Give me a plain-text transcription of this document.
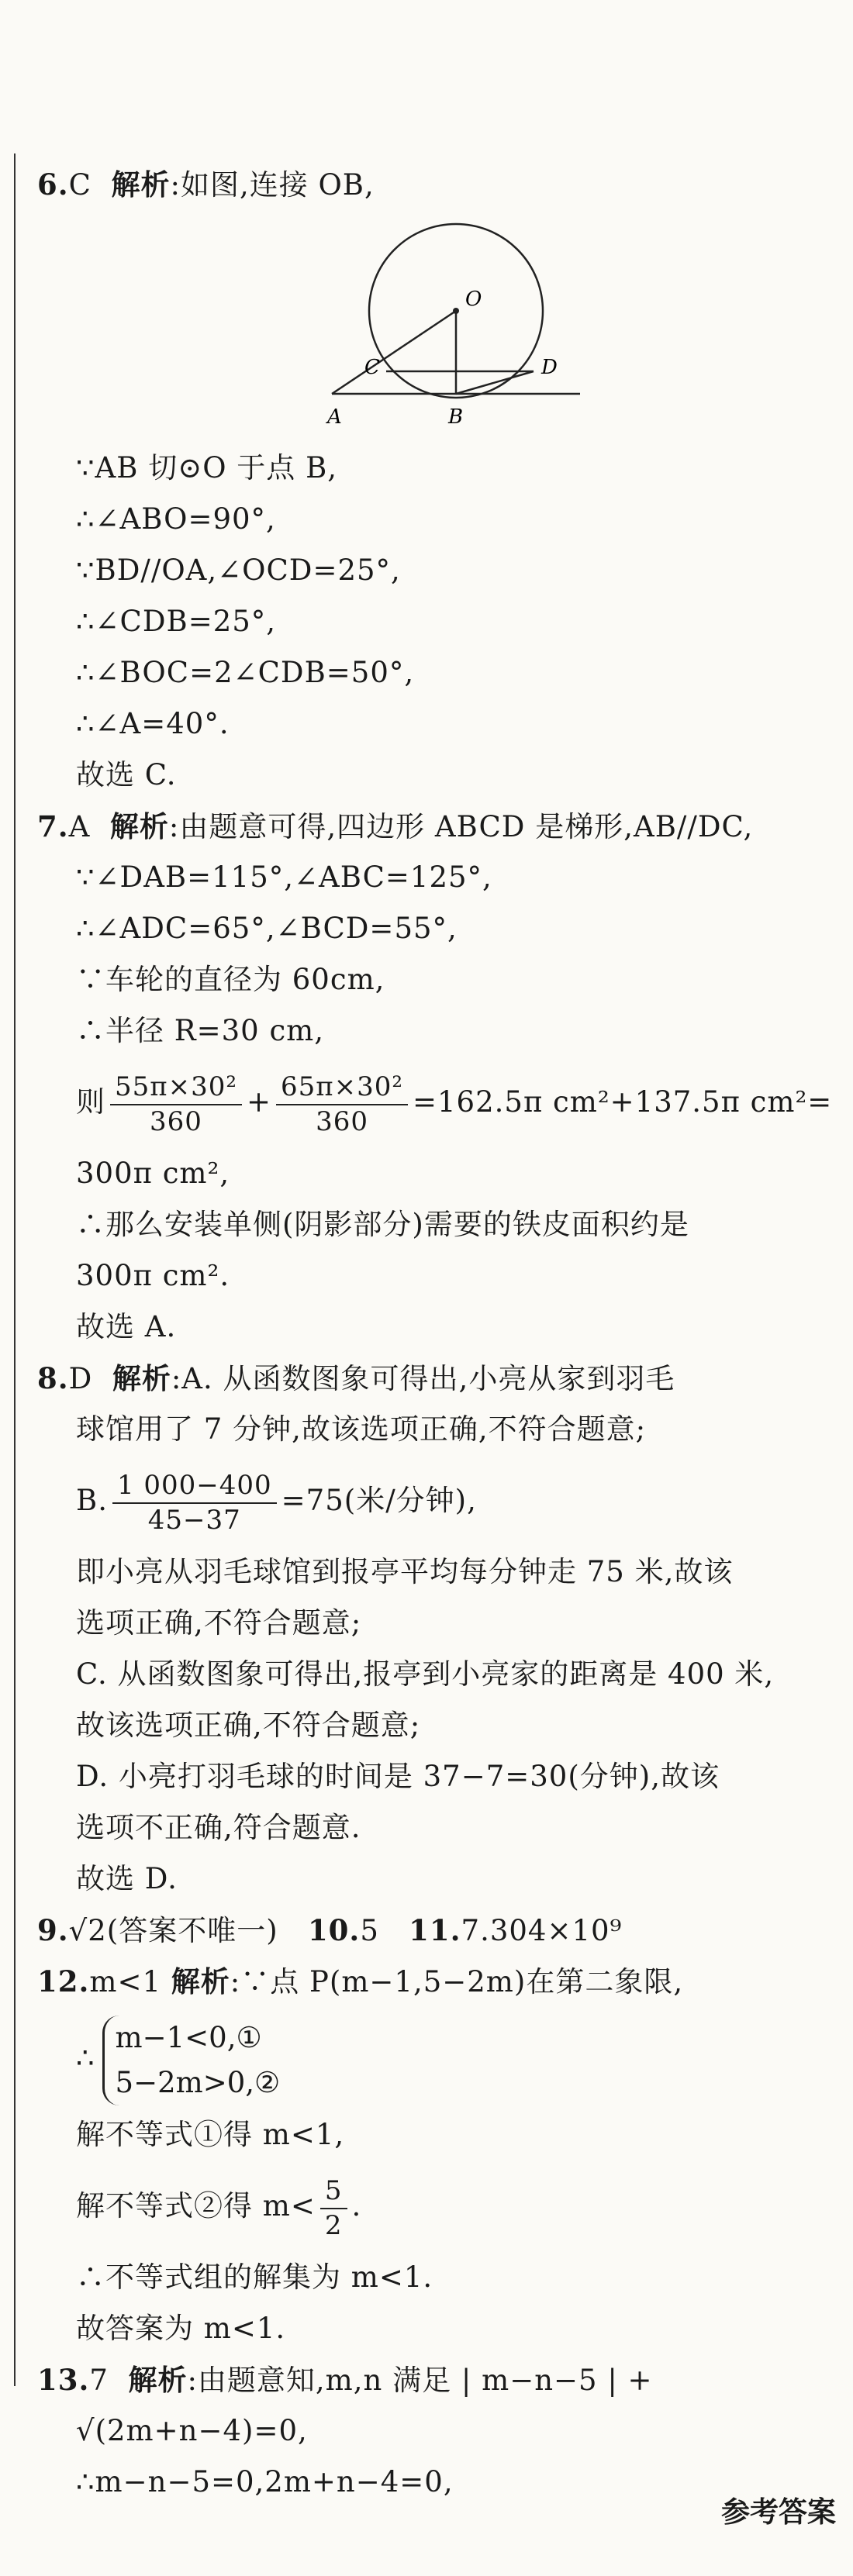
6.C 解析:如图,连接 OB,
O
C	D
A	B
∵AB 切⊙O 于点 B,
∴∠ABO=90°,
∵BD//OA,∠OCD=25°,
∴∠CDB=25°,
∴∠BOC=2∠CDB=50°,
∴∠A=40°.
故选 C.
7.A 解析:由题意可得,四边形 ABCD 是梯形,AB//DC,
∵∠DAB=115°,∠ABC=125°,
∴∠ADC=65°,∠BCD=55°,
∵车轮的直径为 60cm,
∴半径 R=30 cm,
则 $\frac{\text{55π×30²}}{360} + \frac{\text{65π×30²}}{360} =162.5\pi$ cm²+137.5π cm²=
300π cm²,
∴那么安装单侧(阴影部分)需要的铁皮面积约是
300π cm².
故选 A.
8.D 解析:A. 从函数图象可得出,小亮从家到羽毛
球馆用了 7 分钟,故该选项正确,不符合题意;
B. $\frac{1 000-400}{45-37} =75$(米/分钟),
即小亮从羽毛球馆到报亭平均每分钟走 75 米,故该
选项正确,不符合题意;
C. 从函数图象可得出,报亭到小亮家的距离是 400 米,
故该选项正确,不符合题意;
D. 小亮打羽毛球的时间是 37−7=30(分钟),故该
选项不正确,符合题意.
故选 D.
9.√2(答案不唯一) 10.5 11.7.304×10⁹
12.m<1 解析:∵点 P(m−1,5−2m)在第二象限,
∴
m−1<0,①
5−2m>0,②
解不等式①得 m<1,
解不等式②得 $m< \frac{5}{2}$ .
∴不等式组的解集为 m<1.
故答案为 m<1.
13.7 解析:由题意知,m,n 满足 | m−n−5 | +
√(2m+n−4)=0,
∴m−n−5=0,2m+n−4=0,
参考答案
